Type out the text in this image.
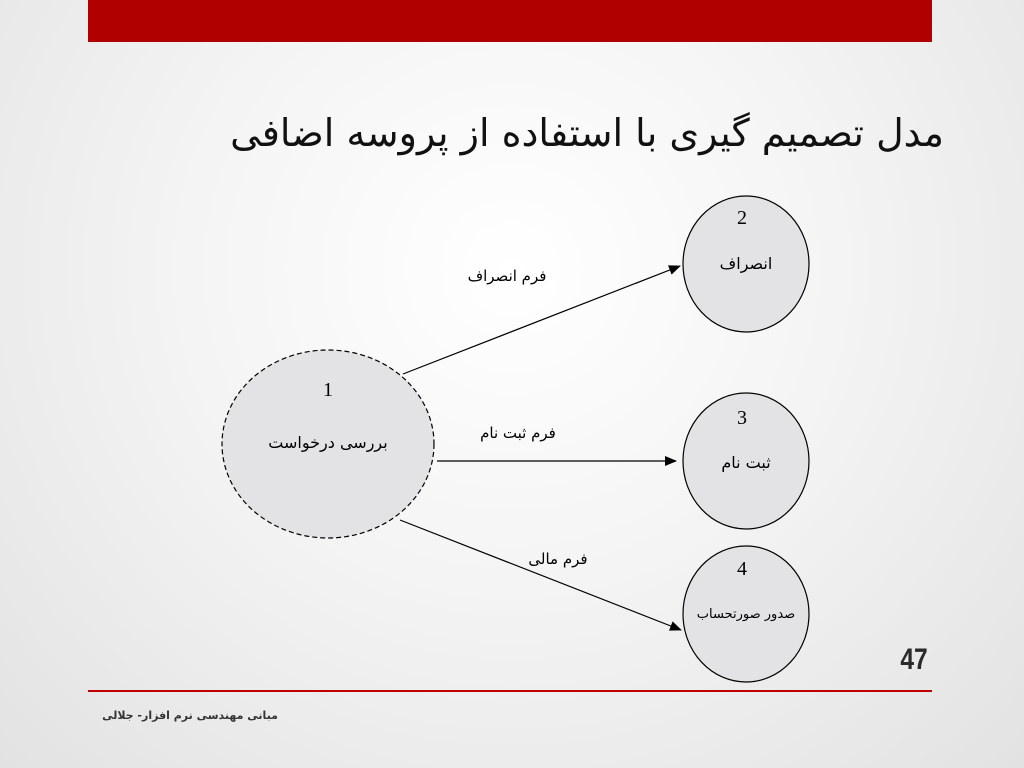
مدل تصمیم گیری با استفاده از پروسه اضافی
فرم انصراف
فرم ثبت نام
فرم مالی
1
بررسی درخواست
2
انصراف
3
ثبت نام
4
صدور صورتحساب
47
مبانی مهندسی نرم افزار- جلالی
